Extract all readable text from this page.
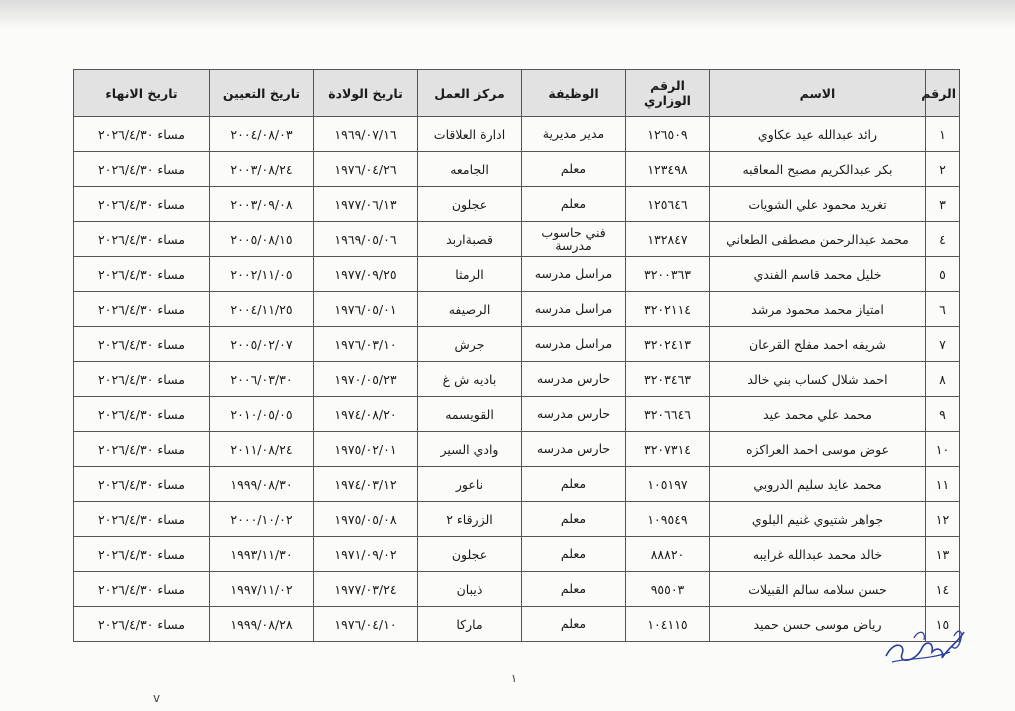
الرقم	الاسم	الرقم الوزاري	الوظيفة	مركز العمل	تاريخ الولادة	تاريخ التعيين	تاريخ الانهاء
١	رائد عبدالله عيد عكاوي	١٢٦٥٠٩	مدير مديرية	ادارة العلاقات	١٩٦٩/٠٧/١٦	٢٠٠٤/٠٨/٠٣	مساء ٢٠٢٦/٤/٣٠
٢	بكر عبدالكريم مصبح المعاقبه	١٢٣٤٩٨	معلم	الجامعه	١٩٧٦/٠٤/٢٦	٢٠٠٣/٠٨/٢٤	مساء ٢٠٢٦/٤/٣٠
٣	تغريد محمود علي الشويات	١٢٥٦٤٦	معلم	عجلون	١٩٧٧/٠٦/١٣	٢٠٠٣/٠٩/٠٨	مساء ٢٠٢٦/٤/٣٠
٤	محمد عبدالرحمن مصطفى الطعاني	١٣٢٨٤٧	فني حاسوب مدرسة	قصبةاربد	١٩٦٩/٠٥/٠٦	٢٠٠٥/٠٨/١٥	مساء ٢٠٢٦/٤/٣٠
٥	خليل محمد قاسم الفندي	٣٢٠٠٣٦٣	مراسل مدرسه	الرمثا	١٩٧٧/٠٩/٢٥	٢٠٠٢/١١/٠٥	مساء ٢٠٢٦/٤/٣٠
٦	امتياز محمد محمود مرشد	٣٢٠٢١١٤	مراسل مدرسه	الرصيفه	١٩٧٦/٠٥/٠١	٢٠٠٤/١١/٢٥	مساء ٢٠٢٦/٤/٣٠
٧	شريفه احمد مفلح القرعان	٣٢٠٢٤١٣	مراسل مدرسه	جرش	١٩٧٦/٠٣/١٠	٢٠٠٥/٠٢/٠٧	مساء ٢٠٢٦/٤/٣٠
٨	احمد شلال كساب بني خالد	٣٢٠٣٤٦٣	حارس مدرسه	باديه ش غ	١٩٧٠/٠٥/٢٣	٢٠٠٦/٠٣/٣٠	مساء ٢٠٢٦/٤/٣٠
٩	محمد علي محمد عيد	٣٢٠٦٦٤٦	حارس مدرسه	القويسمه	١٩٧٤/٠٨/٢٠	٢٠١٠/٠٥/٠٥	مساء ٢٠٢٦/٤/٣٠
١٠	عوض موسى احمد العراكزه	٣٢٠٧٣١٤	حارس مدرسه	وادي السير	١٩٧٥/٠٢/٠١	٢٠١١/٠٨/٢٤	مساء ٢٠٢٦/٤/٣٠
١١	محمد عايد سليم الدروبي	١٠٥١٩٧	معلم	ناعور	١٩٧٤/٠٣/١٢	١٩٩٩/٠٨/٣٠	مساء ٢٠٢٦/٤/٣٠
١٢	جواهر شتيوي غنيم البلوي	١٠٩٥٤٩	معلم	الزرقاء ٢	١٩٧٥/٠٥/٠٨	٢٠٠٠/١٠/٠٢	مساء ٢٠٢٦/٤/٣٠
١٣	خالد محمد عبدالله غرايبه	٨٨٨٢٠	معلم	عجلون	١٩٧١/٠٩/٠٢	١٩٩٣/١١/٣٠	مساء ٢٠٢٦/٤/٣٠
١٤	حسن سلامه سالم القبيلات	٩٥٥٠٣	معلم	ذيبان	١٩٧٧/٠٣/٢٤	١٩٩٧/١١/٠٢	مساء ٢٠٢٦/٤/٣٠
١٥	رياض موسى حسن حميد	١٠٤١١٥	معلم	ماركا	١٩٧٦/٠٤/١٠	١٩٩٩/٠٨/٢٨	مساء ٢٠٢٦/٤/٣٠
١
v
